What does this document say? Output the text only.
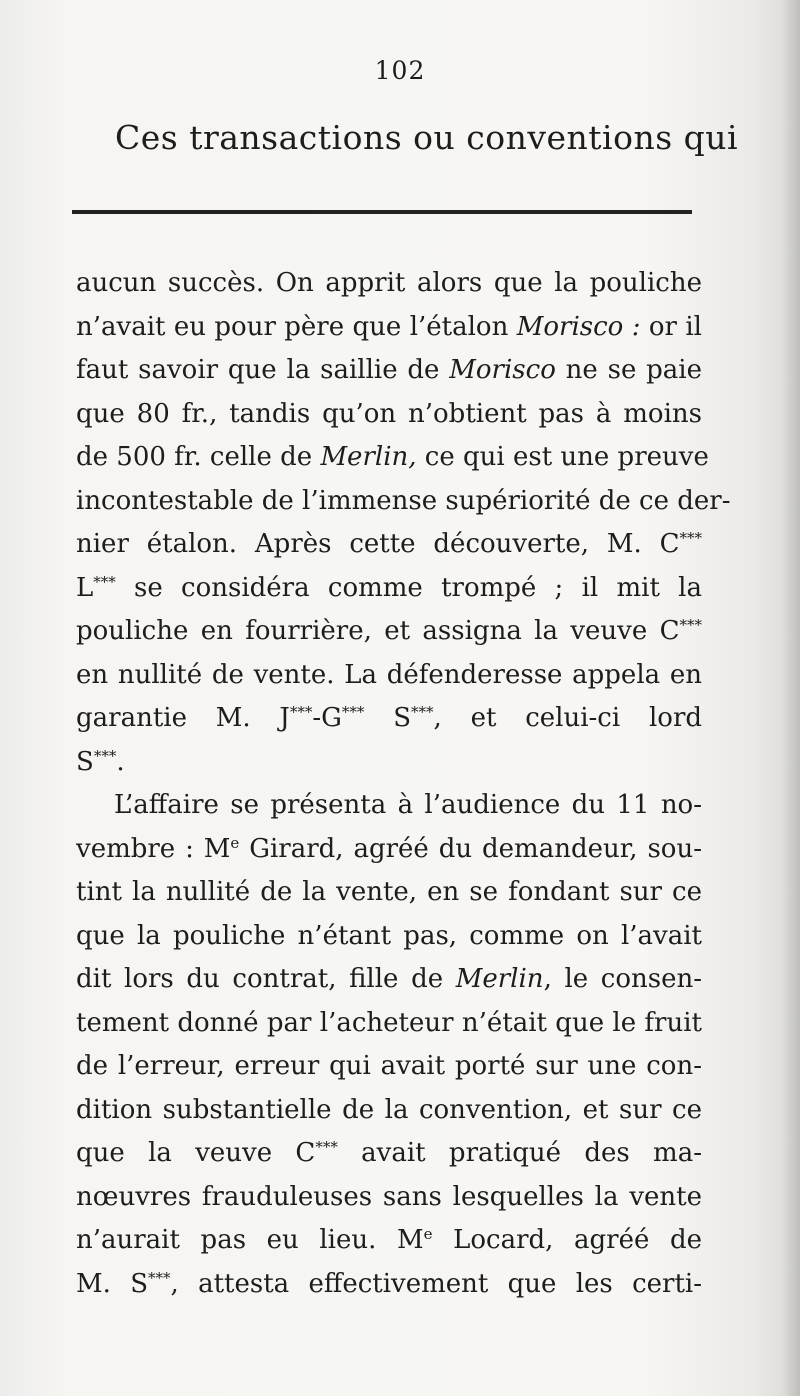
102
Ces transactions ou conventions qui
aucun succès. On apprit alors que la pouliche
n’avait eu pour père que l’étalon Morisco : or il
faut savoir que la saillie de Morisco ne se paie
que 80 fr., tandis qu’on n’obtient pas à moins
de 500 fr. celle de Merlin, ce qui est une preuve
incontestable de l’immense supériorité de ce der-
nier étalon. Après cette découverte, M. C***
L*** se considéra comme trompé ; il mit la
pouliche en fourrière, et assigna la veuve C***
en nullité de vente. La défenderesse appela en
garantie M. J***-G*** S***, et celui-ci lord
S***.
L’affaire se présenta à l’audience du 11 no-
vembre : Me Girard, agréé du demandeur, sou-
tint la nullité de la vente, en se fondant sur ce
que la pouliche n’étant pas, comme on l’avait
dit lors du contrat, fille de Merlin, le consen-
tement donné par l’acheteur n’était que le fruit
de l’erreur, erreur qui avait porté sur une con-
dition substantielle de la convention, et sur ce
que la veuve C*** avait pratiqué des ma-
nœuvres frauduleuses sans lesquelles la vente
n’aurait pas eu lieu. Me Locard, agréé de
M. S***, attesta effectivement que les certi-
